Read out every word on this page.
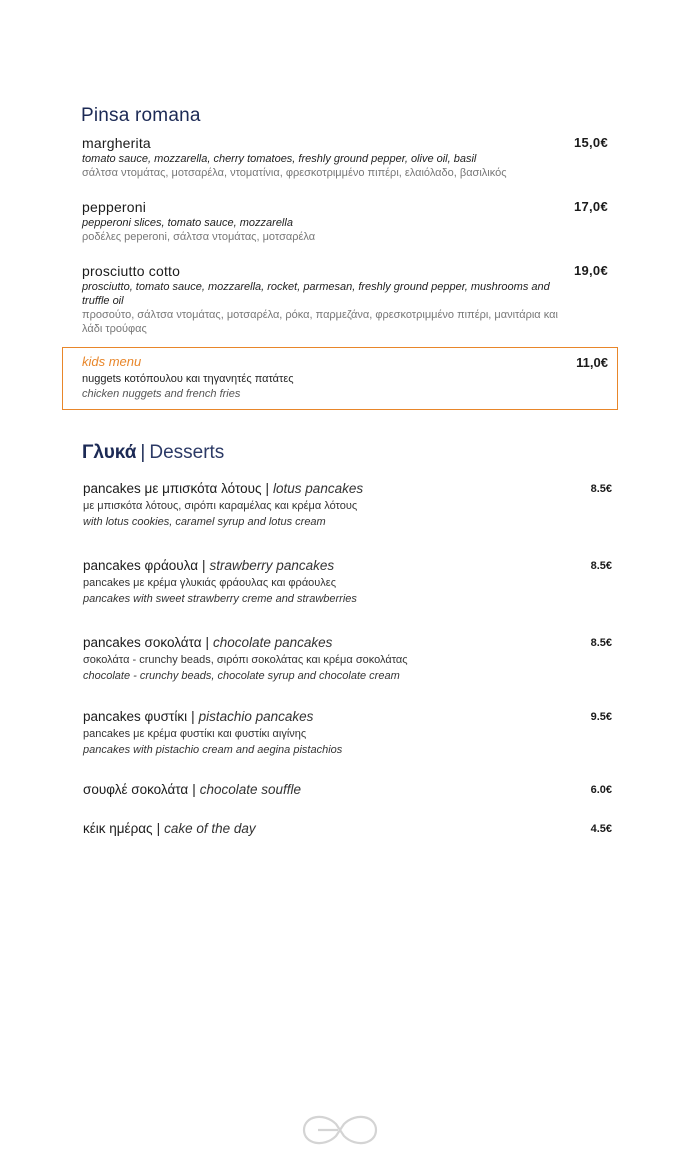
Pinsa romana
margherita	15,0€
tomato sauce, mozzarella, cherry tomatoes, freshly ground pepper, olive oil, basil
σάλτσα ντομάτας, μοτσαρέλα, ντοματίνια, φρεσκοτριμμένο πιπέρι, ελαιόλαδο, βασιλικός
pepperoni	17,0€
pepperoni slices, tomato sauce, mozzarella
ροδέλες peperoni, σάλτσα ντομάτας, μοτσαρέλα
prosciutto cotto	19,0€
prosciutto, tomato sauce, mozzarella, rocket, parmesan, freshly ground pepper, mushrooms and truffle oil
προσούτο, σάλτσα ντομάτας, μοτσαρέλα, ρόκα, παρμεζάνα, φρεσκοτριμμένο πιπέρι, μανιτάρια και λάδι τρούφας
kids menu	11,0€
nuggets κοτόπουλου και τηγανητές πατάτες
chicken nuggets and french fries
Γλυκά | Desserts
pancakes με μπισκότα λότους | lotus pancakes	8.5€
με μπισκότα λότους, σιρόπι καραμέλας και κρέμα λότους
with lotus cookies, caramel syrup and lotus cream
pancakes φράουλα | strawberry pancakes	8.5€
pancakes με κρέμα γλυκιάς φράουλας και φράουλες
pancakes with sweet strawberry creme and strawberries
pancakes σοκολάτα | chocolate pancakes	8.5€
σοκολάτα - crunchy beads, σιρόπι σοκολάτας και κρέμα σοκολάτας
chocolate - crunchy beads, chocolate syrup and chocolate cream
pancakes φυστίκι | pistachio pancakes	9.5€
pancakes με κρέμα φυστίκι και φυστίκι αιγίνης
pancakes with pistachio cream and aegina pistachios
σουφλέ σοκολάτα | chocolate souffle	6.0€
κέικ ημέρας | cake of the day	4.5€
